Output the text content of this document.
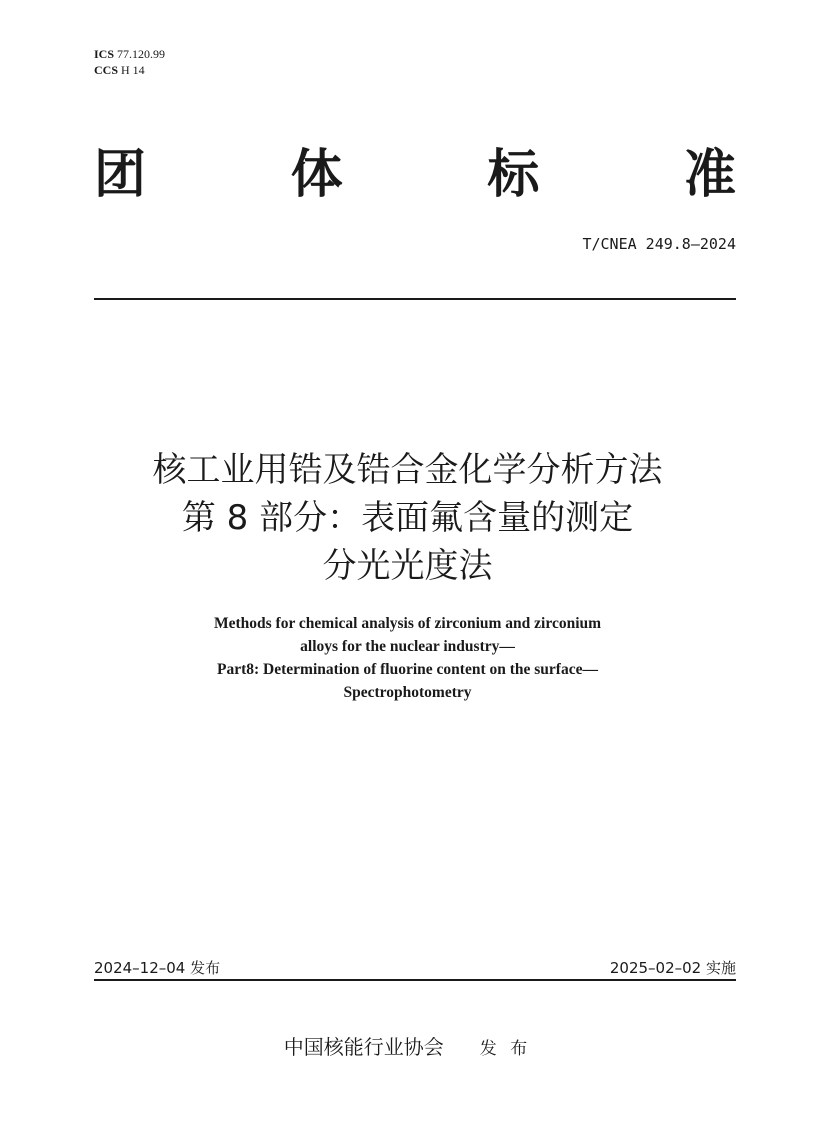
ICS 77.120.99
CCS H 14
团	体	标	准
T/CNEA 249.8—2024
核工业用锆及锆合金化学分析方法
第 8 部分：表面氟含量的测定
分光光度法
Methods for chemical analysis of zirconium and zirconium
alloys for the nuclear industry—
Part8: Determination of fluorine content on the surface—
Spectrophotometry
2024–12–04 发布	2025–02–02 实施
中国核能行业协会 发 布
